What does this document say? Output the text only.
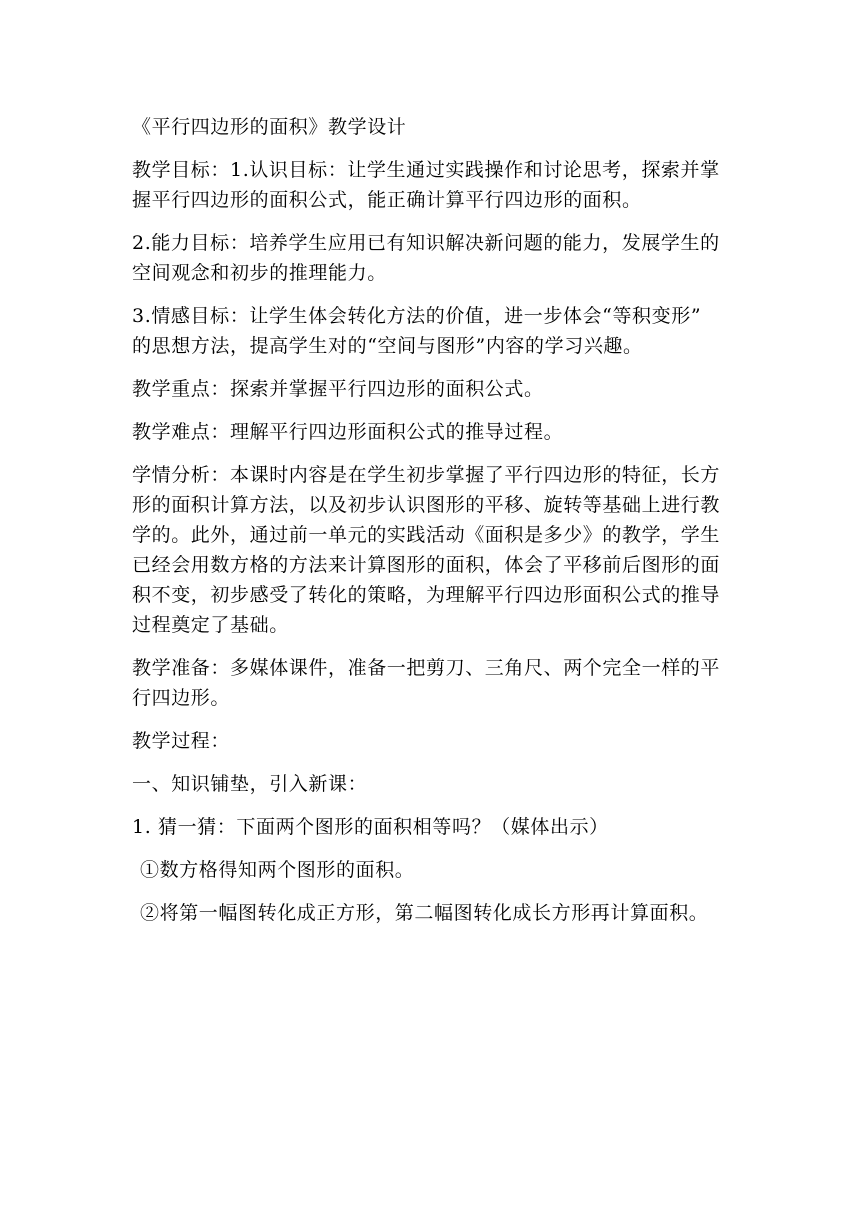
《平行四边形的面积》教学设计

教学目标：1.认识目标：让学生通过实践操作和讨论思考，探索并掌

握平行四边形的面积公式，能正确计算平行四边形的面积。

2.能力目标：培养学生应用已有知识解决新问题的能力，发展学生的

空间观念和初步的推理能力。

3.情感目标：让学生体会转化方法的价值，进一步体会“等积变形”

的思想方法，提高学生对的“空间与图形”内容的学习兴趣。

教学重点：探索并掌握平行四边形的面积公式。

教学难点：理解平行四边形面积公式的推导过程。

学情分析：本课时内容是在学生初步掌握了平行四边形的特征，长方

形的面积计算方法，以及初步认识图形的平移、旋转等基础上进行教

学的。此外，通过前一单元的实践活动《面积是多少》的教学，学生

已经会用数方格的方法来计算图形的面积，体会了平移前后图形的面

积不变，初步感受了转化的策略，为理解平行四边形面积公式的推导

过程奠定了基础。

教学准备：多媒体课件，准备一把剪刀、三角尺、两个完全一样的平

行四边形。

教学过程：

一、知识铺垫，引入新课：

1. 猜一猜：下面两个图形的面积相等吗？（媒体出示）

①数方格得知两个图形的面积。

②将第一幅图转化成正方形，第二幅图转化成长方形再计算面积。
